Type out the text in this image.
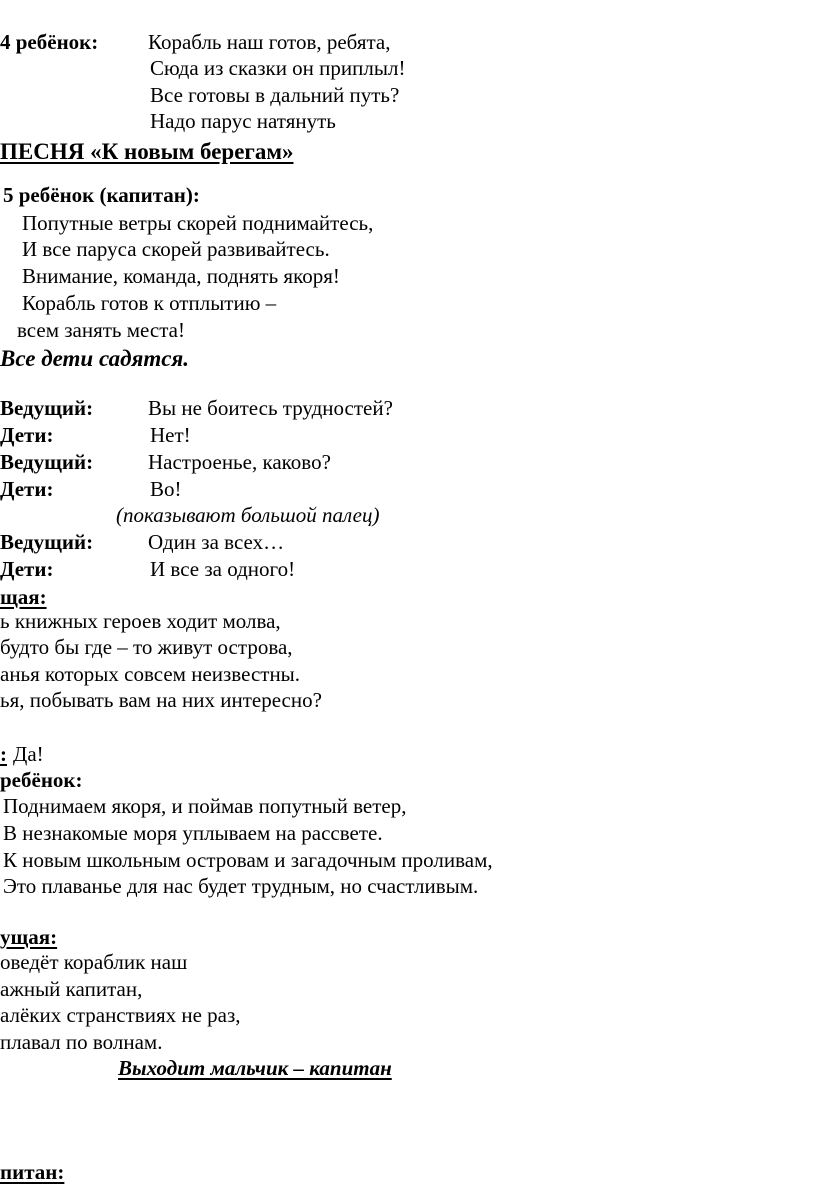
4 ребёнок: Корабль наш готов, ребята,
Сюда из сказки он приплыл!
Все готовы в дальний путь?
Надо парус натянуть
ПЕСНЯ «К новым берегам»
5 ребёнок (капитан):
Попутные ветры скорей поднимайтесь,
И все паруса скорей развивайтесь.
Внимание, команда, поднять якоря!
Корабль готов к отплытию –
всем занять места!
Все дети садятся.
Ведущий:	Вы не боитесь трудностей?
Дети:	Нет!
Ведущий:	Настроенье, каково?
Дети:	Во!
(показывают большой палец)
Ведущий:	Один за всех…
Дети:	И все за одного!
щая:
ь книжных героев ходит молва,
будто бы где – то живут острова,
анья которых совсем неизвестны.
ья, побывать вам на них интересно?
: Да!
ребёнок:
Поднимаем якоря, и поймав попутный ветер,
В незнакомые моря уплываем на рассвете.
К новым школьным островам и загадочным проливам,
Это плаванье для нас будет трудным, но счастливым.
ущая:
оведёт кораблик наш
ажный капитан,
алёких странствиях не раз,
плавал по волнам.
Выходит мальчик – капитан
питан:
